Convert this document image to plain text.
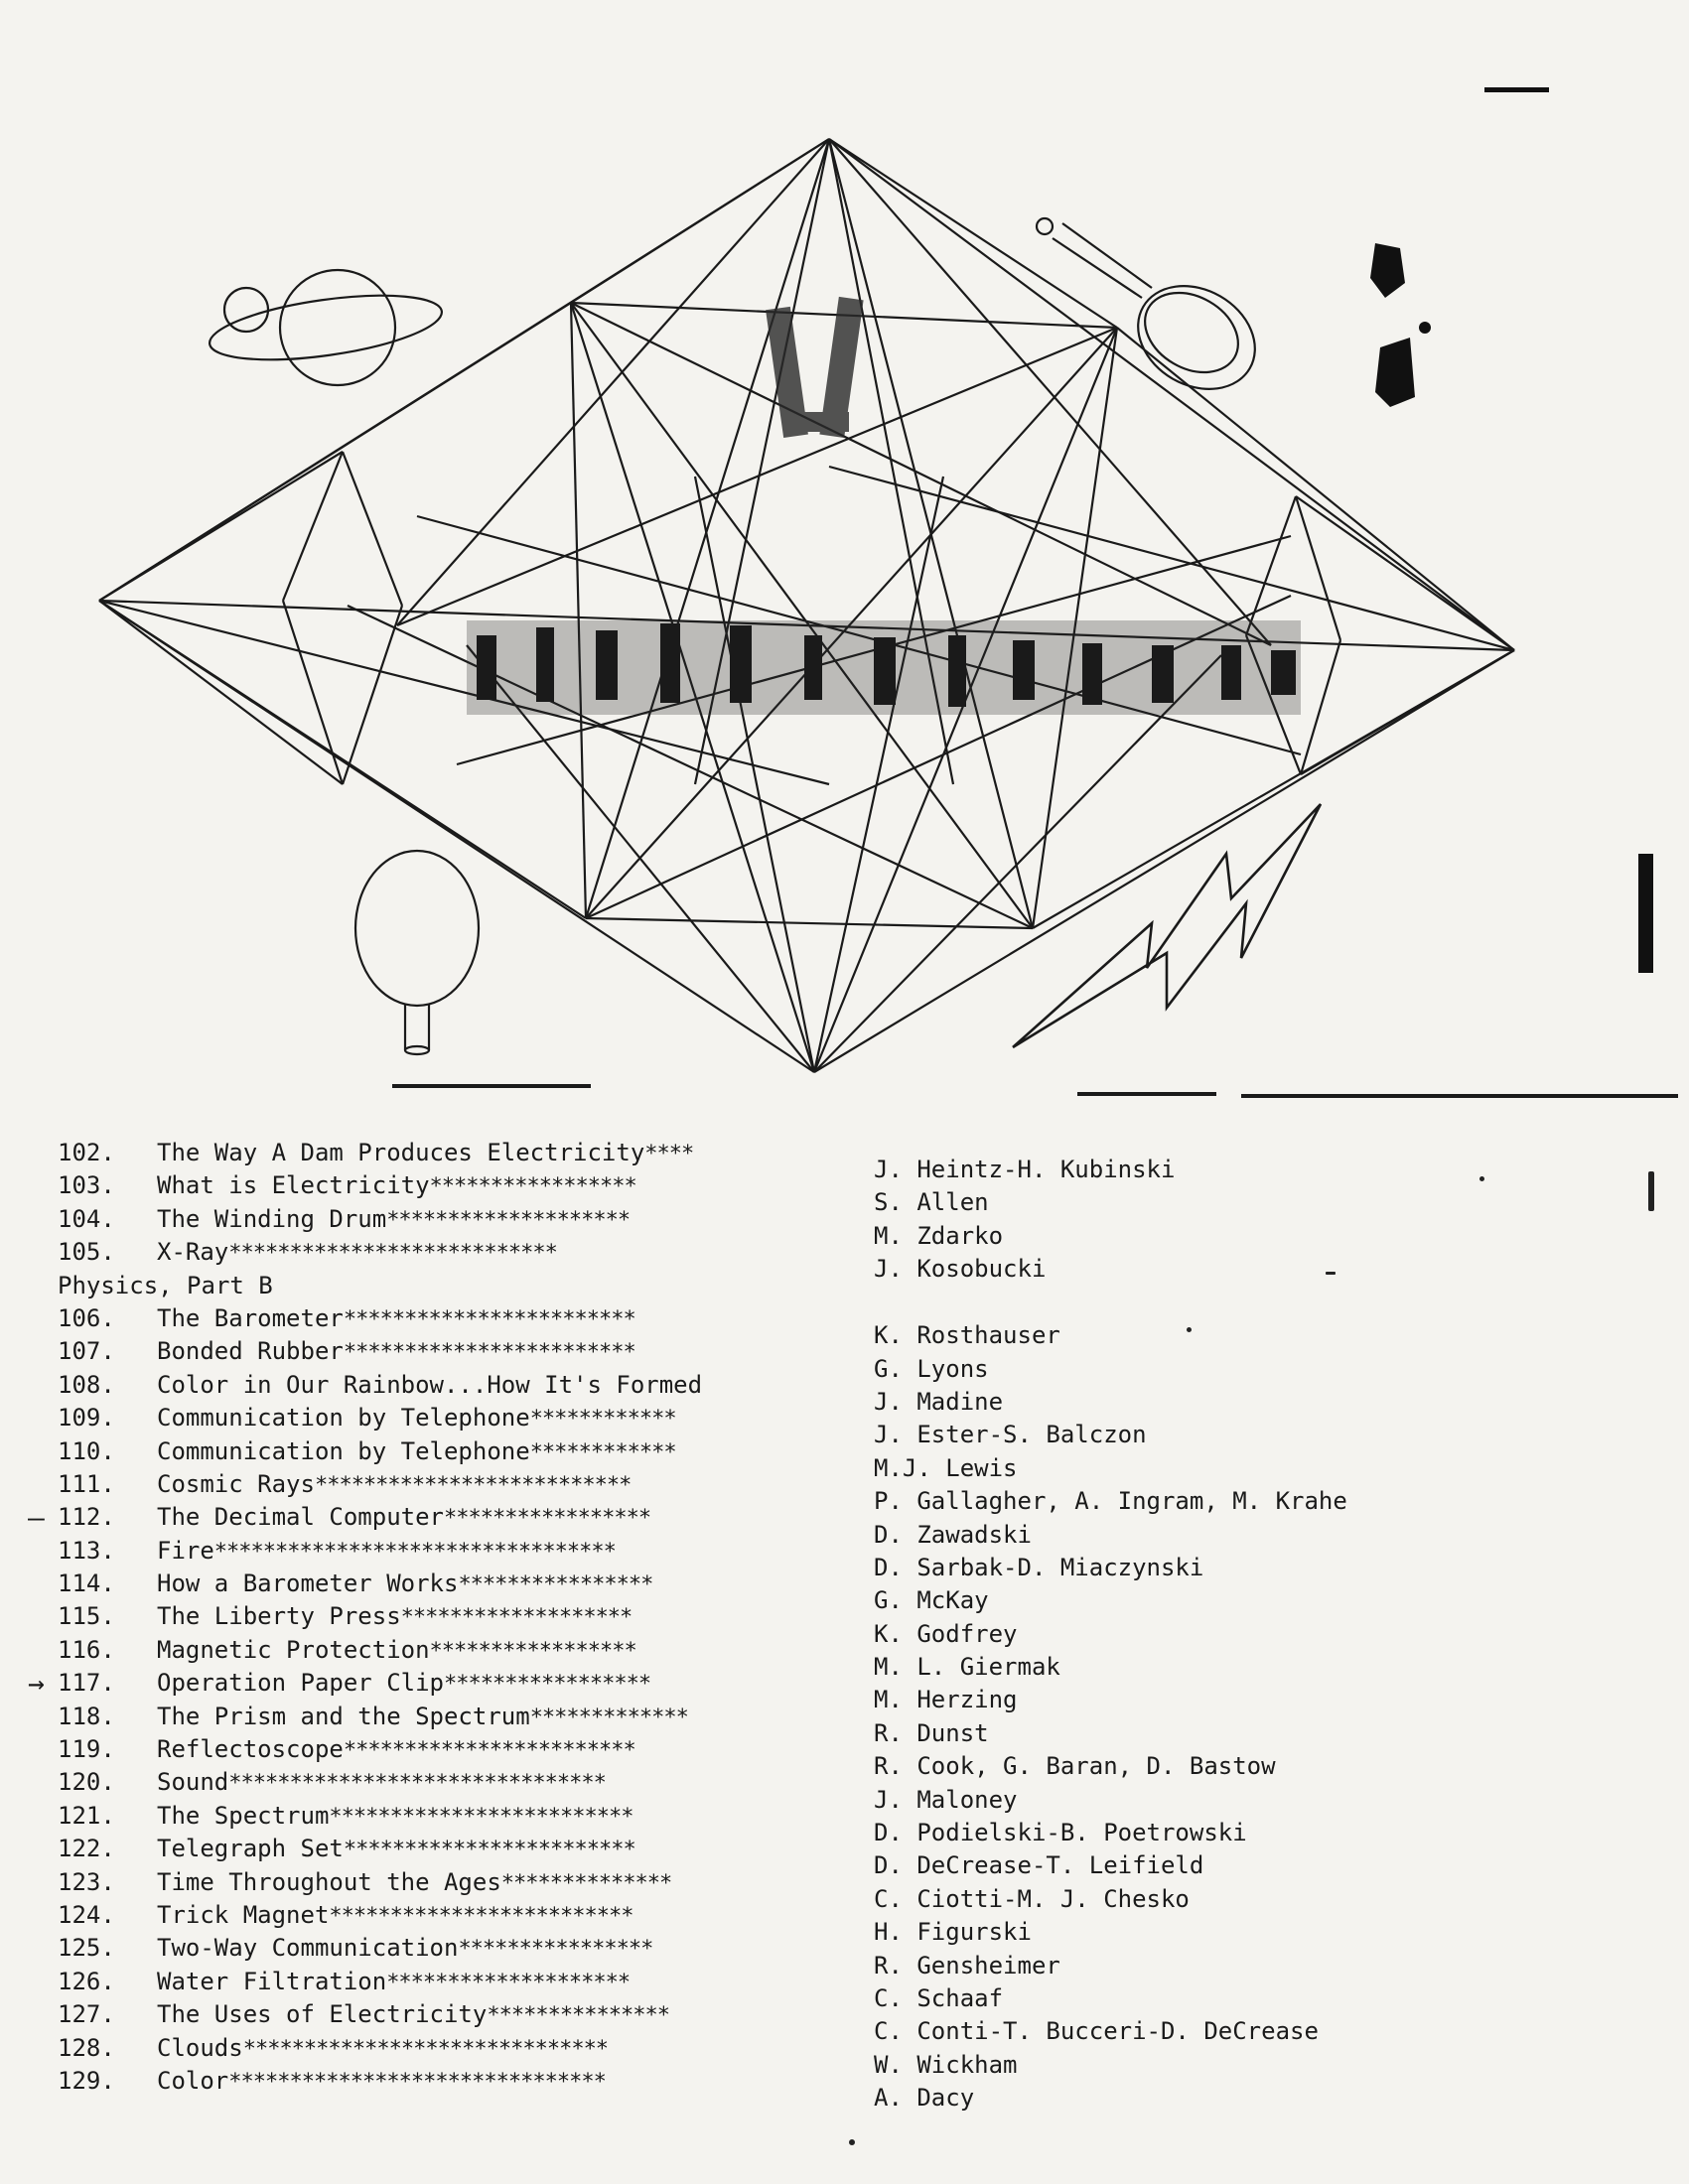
102. The Way A Dam Produces Electricity****
103. What is Electricity*****************
104. The Winding Drum********************
105. X-Ray***************************
Physics, Part B
106. The Barometer************************
107. Bonded Rubber************************
108. Color in Our Rainbow...How It's Formed
109. Communication by Telephone************
110. Communication by Telephone************
111. Cosmic Rays**************************
— 112. The Decimal Computer*****************
113. Fire*********************************
114. How a Barometer Works****************
115. The Liberty Press*******************
116. Magnetic Protection*****************
→ 117. Operation Paper Clip*****************
118. The Prism and the Spectrum*************
119. Reflectoscope************************
120. Sound*******************************
121. The Spectrum*************************
122. Telegraph Set************************
123. Time Throughout the Ages**************
124. Trick Magnet*************************
125. Two-Way Communication****************
126. Water Filtration********************
127. The Uses of Electricity***************
128. Clouds******************************
129. Color*******************************
J. Heintz-H. Kubinski
S. Allen
M. Zdarko
J. Kosobucki
K. Rosthauser
G. Lyons
J. Madine
J. Ester-S. Balczon
M.J. Lewis
P. Gallagher, A. Ingram, M. Krahe
D. Zawadski
D. Sarbak-D. Miaczynski
G. McKay
K. Godfrey
M. L. Giermak
M. Herzing
R. Dunst
R. Cook, G. Baran, D. Bastow
J. Maloney
D. Podielski-B. Poetrowski
D. DeCrease-T. Leifield
C. Ciotti-M. J. Chesko
H. Figurski
R. Gensheimer
C. Schaaf
C. Conti-T. Bucceri-D. DeCrease
W. Wickham
A. Dacy
